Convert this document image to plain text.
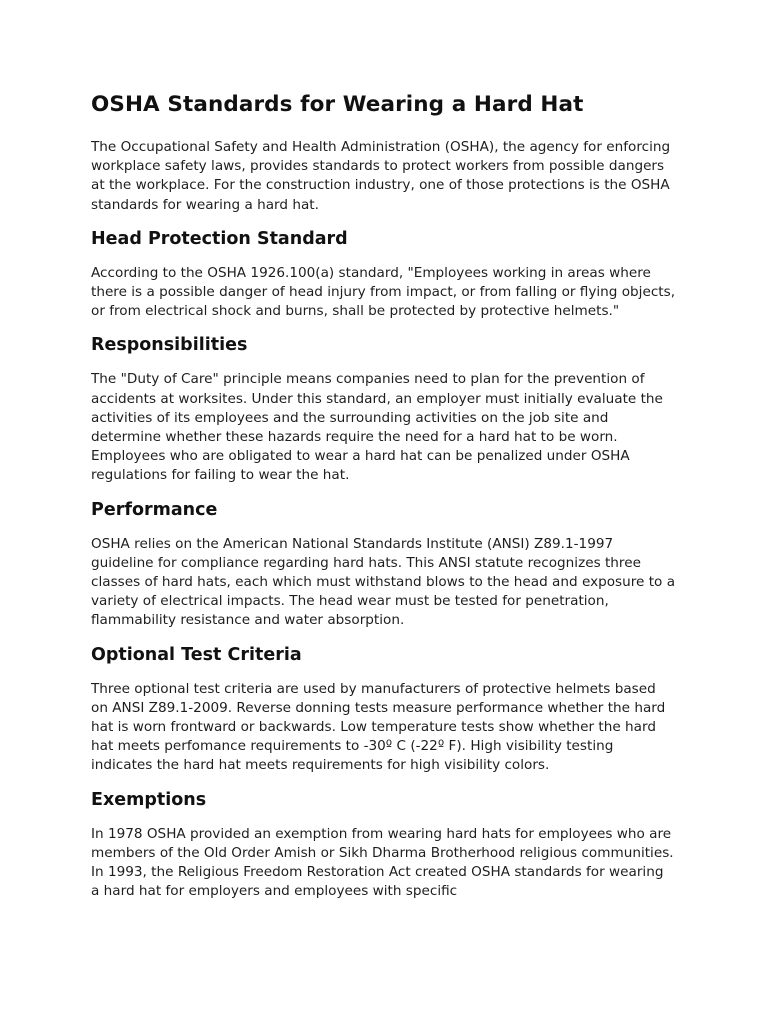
OSHA Standards for Wearing a Hard Hat

The Occupational Safety and Health Administration (OSHA), the agency for enforcing workplace safety laws, provides standards to protect workers from possible dangers at the workplace. For the construction industry, one of those protections is the OSHA standards for wearing a hard hat.

Head Protection Standard

According to the OSHA 1926.100(a) standard, "Employees working in areas where there is a possible danger of head injury from impact, or from falling or flying objects, or from electrical shock and burns, shall be protected by protective helmets."

Responsibilities

The "Duty of Care" principle means companies need to plan for the prevention of accidents at worksites. Under this standard, an employer must initially evaluate the activities of its employees and the surrounding activities on the job site and determine whether these hazards require the need for a hard hat to be worn. Employees who are obligated to wear a hard hat can be penalized under OSHA regulations for failing to wear the hat.

Performance

OSHA relies on the American National Standards Institute (ANSI) Z89.1-1997 guideline for compliance regarding hard hats. This ANSI statute recognizes three classes of hard hats, each which must withstand blows to the head and exposure to a variety of electrical impacts. The head wear must be tested for penetration, flammability resistance and water absorption.

Optional Test Criteria

Three optional test criteria are used by manufacturers of protective helmets based on ANSI Z89.1-2009. Reverse donning tests measure performance whether the hard hat is worn frontward or backwards. Low temperature tests show whether the hard hat meets perfomance requirements to -30º C (-22º F). High visibility testing indicates the hard hat meets requirements for high visibility colors.

Exemptions

In 1978 OSHA provided an exemption from wearing hard hats for employees who are members of the Old Order Amish or Sikh Dharma Brotherhood religious communities. In 1993, the Religious Freedom Restoration Act created OSHA standards for wearing a hard hat for employers and employees with specific
